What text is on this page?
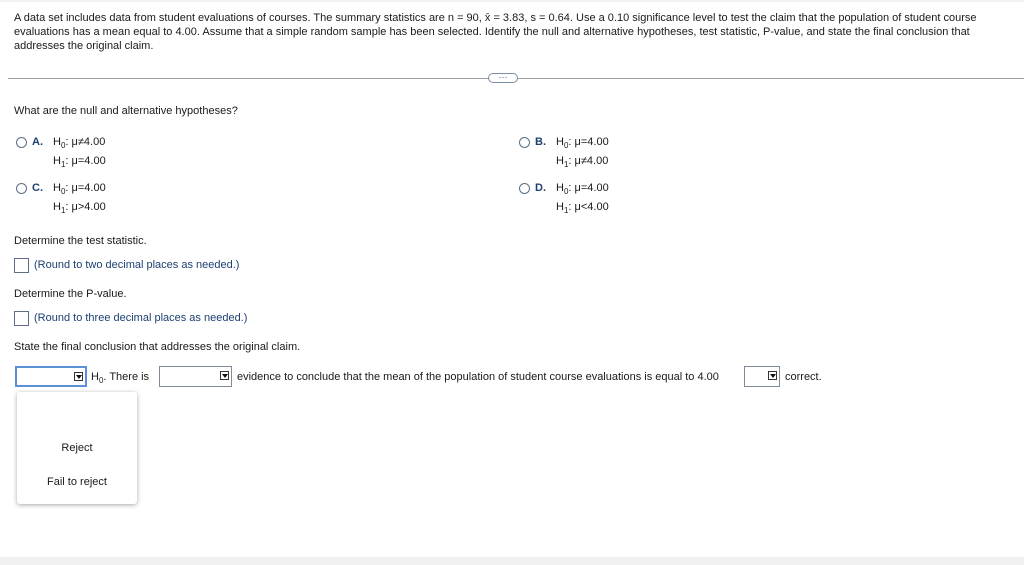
A data set includes data from student evaluations of courses. The summary statistics are n = 90, x̄ = 3.83, s = 0.64. Use a 0.10 significance level to test the claim that the population of student course evaluations has a mean equal to 4.00. Assume that a simple random sample has been selected. Identify the null and alternative hypotheses, test statistic, P-value, and state the final conclusion that addresses the original claim.
···
What are the null and alternative hypotheses?
A. $H_0$: μ≠4.00
$H_1$: μ=4.00
B. $H_0$: μ=4.00
$H_1$: μ≠4.00
C. $H_0$: μ=4.00
$H_1$: μ>4.00
D. $H_0$: μ=4.00
$H_1$: μ<4.00
Determine the test statistic.
(Round to two decimal places as needed.)
Determine the P-value.
(Round to three decimal places as needed.)
State the final conclusion that addresses the original claim.
$H_0$. There is	evidence to conclude that the mean of the population of student course evaluations is equal to 4.00	correct.
Reject
Fail to reject
